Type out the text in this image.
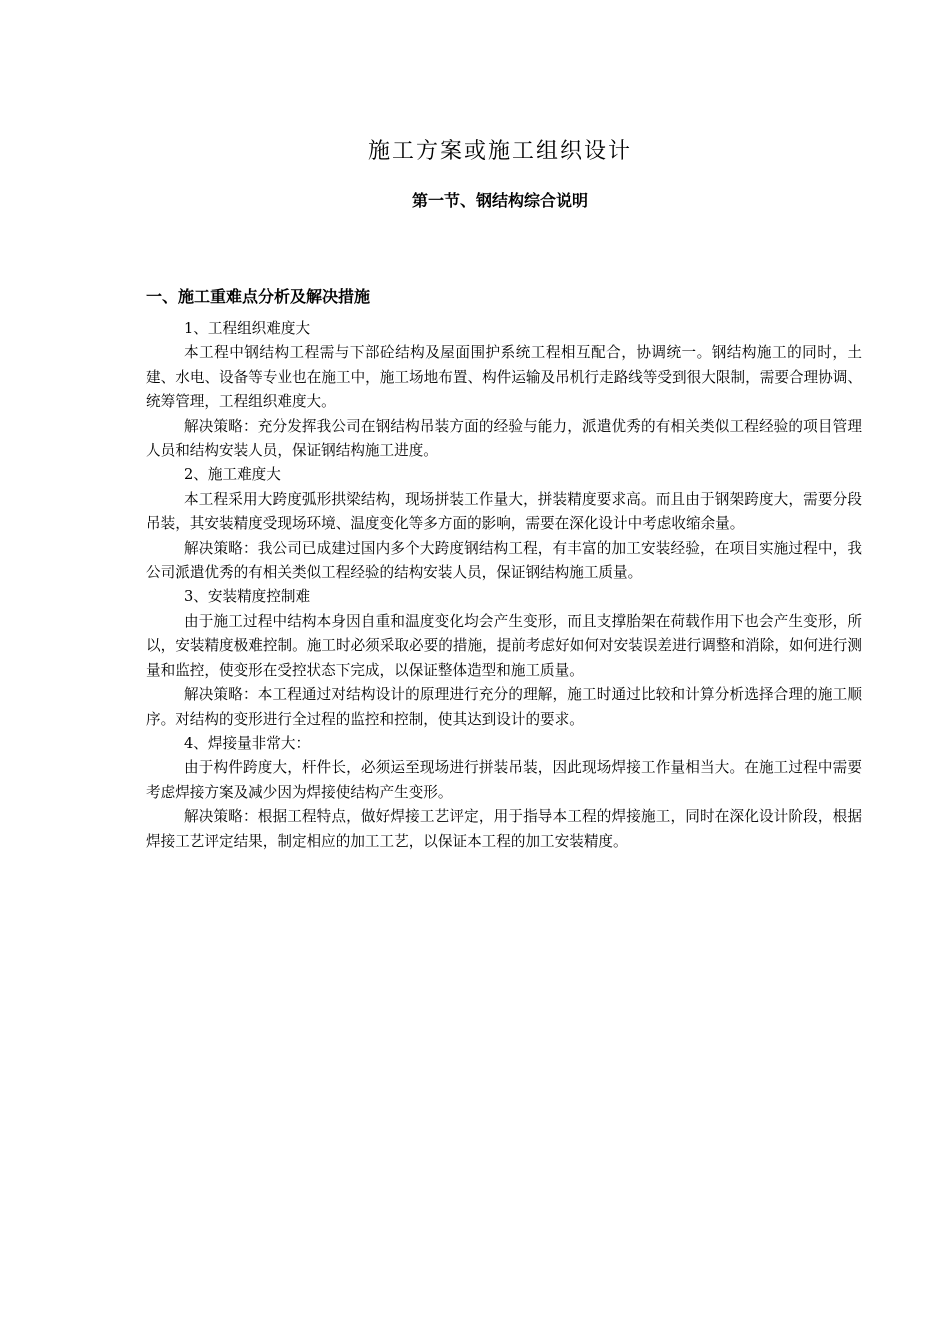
施工方案或施工组织设计
第一节、钢结构综合说明
一、施工重难点分析及解决措施
1、工程组织难度大
本工程中钢结构工程需与下部砼结构及屋面围护系统工程相互配合，协调统一。钢结构施工的同时，土建、水电、设备等专业也在施工中，施工场地布置、构件运输及吊机行走路线等受到很大限制，需要合理协调、统筹管理，工程组织难度大。
解决策略：充分发挥我公司在钢结构吊装方面的经验与能力，派遣优秀的有相关类似工程经验的项目管理人员和结构安装人员，保证钢结构施工进度。
2、施工难度大
本工程采用大跨度弧形拱梁结构，现场拼装工作量大，拼装精度要求高。而且由于钢架跨度大，需要分段吊装，其安装精度受现场环境、温度变化等多方面的影响，需要在深化设计中考虑收缩余量。
解决策略：我公司已成建过国内多个大跨度钢结构工程，有丰富的加工安装经验，在项目实施过程中，我公司派遣优秀的有相关类似工程经验的结构安装人员，保证钢结构施工质量。
3、安装精度控制难
由于施工过程中结构本身因自重和温度变化均会产生变形，而且支撑胎架在荷载作用下也会产生变形，所以，安装精度极难控制。施工时必须采取必要的措施，提前考虑好如何对安装误差进行调整和消除，如何进行测量和监控，使变形在受控状态下完成，以保证整体造型和施工质量。
解决策略：本工程通过对结构设计的原理进行充分的理解，施工时通过比较和计算分析选择合理的施工顺序。对结构的变形进行全过程的监控和控制，使其达到设计的要求。
4、焊接量非常大：
由于构件跨度大，杆件长，必须运至现场进行拼装吊装，因此现场焊接工作量相当大。在施工过程中需要考虑焊接方案及减少因为焊接使结构产生变形。
解决策略：根据工程特点，做好焊接工艺评定，用于指导本工程的焊接施工，同时在深化设计阶段，根据焊接工艺评定结果，制定相应的加工工艺，以保证本工程的加工安装精度。
